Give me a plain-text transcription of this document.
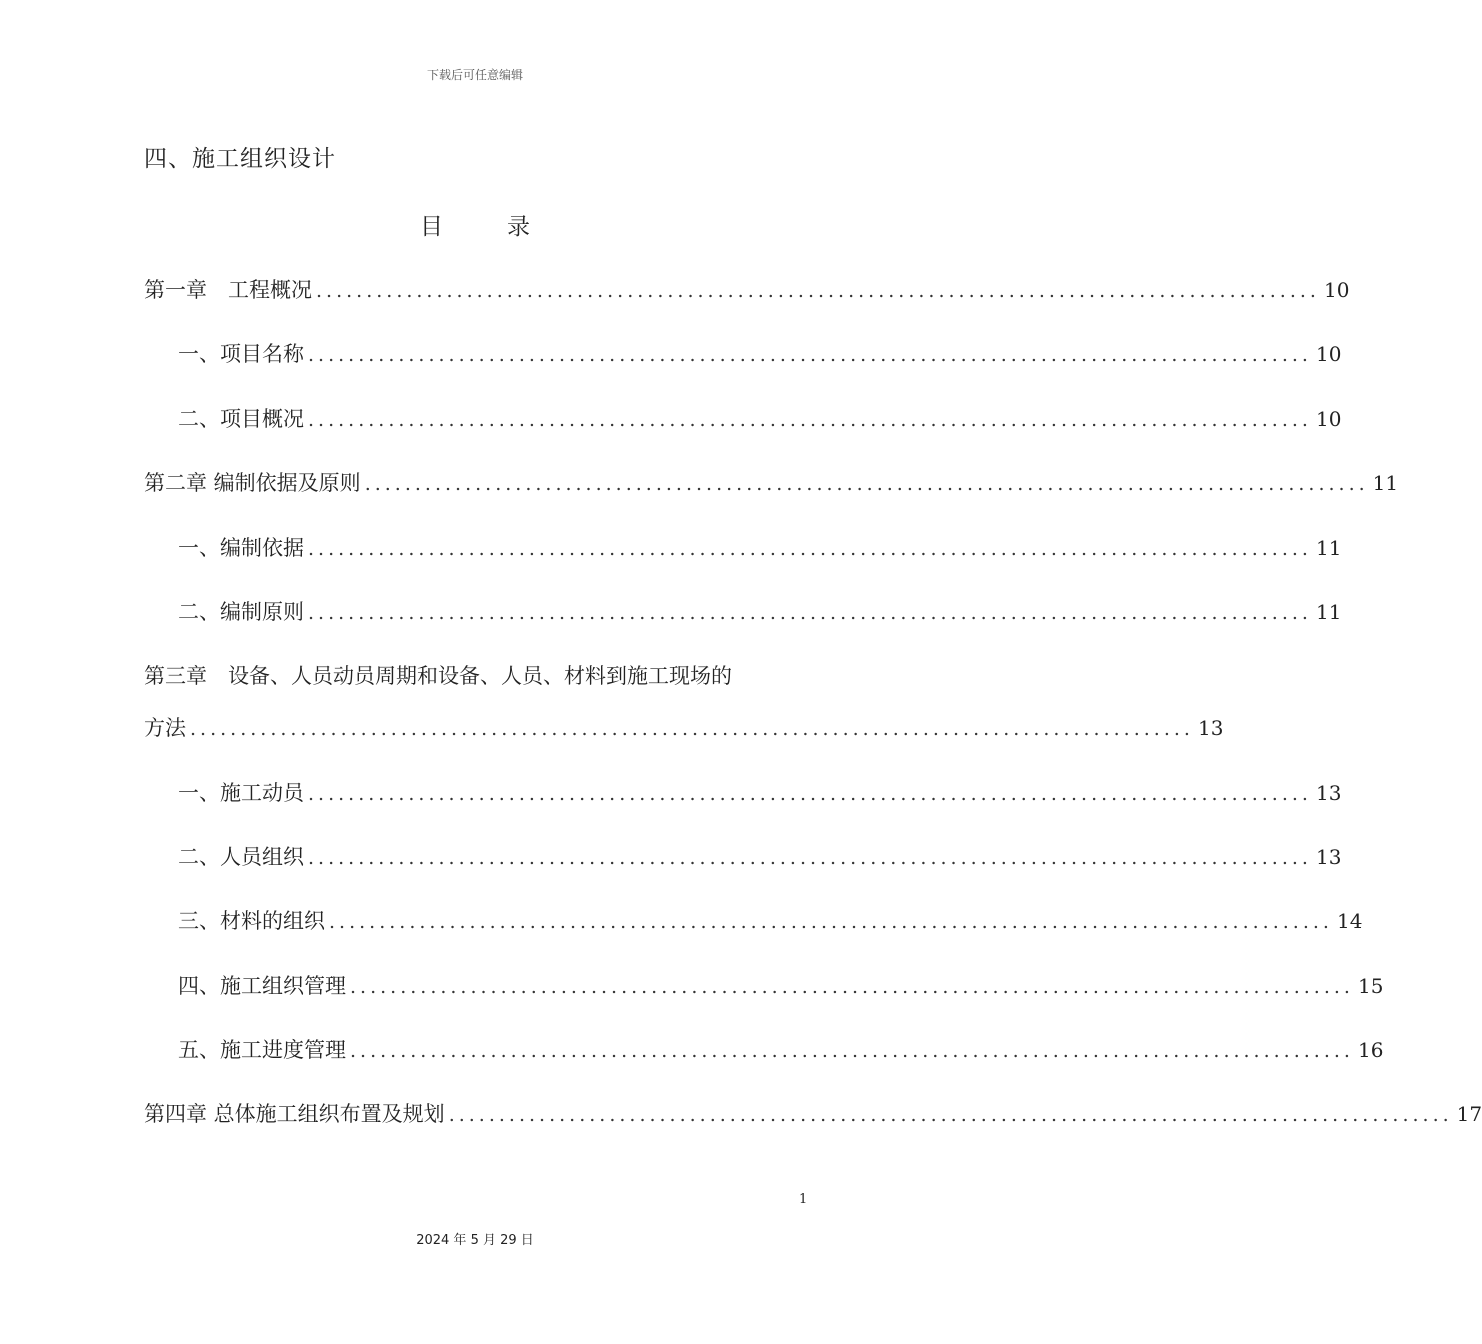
下载后可任意编辑
四、施工组织设计
目	录
第一章　工程概况 .................................................................................................... 10
一、项目名称 .................................................................................................... 10
二、项目概况 .................................................................................................... 10
第二章 编制依据及原则 .................................................................................................... 11
一、编制依据 .................................................................................................... 11
二、编制原则 .................................................................................................... 11
第三章　设备、人员动员周期和设备、人员、材料到施工现场的
方法 .................................................................................................... 13
一、施工动员 .................................................................................................... 13
二、人员组织 .................................................................................................... 13
三、材料的组织 .................................................................................................... 14
四、施工组织管理 .................................................................................................... 15
五、施工进度管理 .................................................................................................... 16
第四章 总体施工组织布置及规划 .................................................................................................... 17
1
2024 年 5 月 29 日
